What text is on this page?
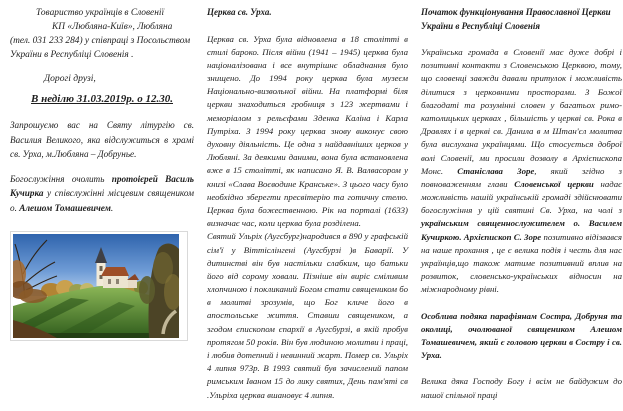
Товариство українців в Словенії

КП «Любляна-Київ», Любляна

(тел. 031 233 284) у співпраці з Посольством України в Республіці Словенія .

Дорогі друзі,

В неділю 31.03.2019р. о 12.30.

Запрошуємо вас на Святу літургію св. Василия Великого, яка відслужиться в храмі св. Урха, м.Любляна – Добрунье.

Богослужіння очолить протоієрей Василь Кучирка у співслужінні місцевим священиком о. Алешом Томашевичем.

Церква св. Урха.

Церква св. Урха була відновлена в 18 столітті в стилі бароко. Після війни (1941 – 1945) церква була націоналізована і все внутрішнє обладнання було знищено. До 1994 року церква була музеєм Національно-визвольної війни. На платформі біля церкви знаходиться гробниця з 123 жертвами і меморіалом з рельєфами Зденка Каліна і Карла Путріха. З 1994 року церква знову виконує свою духовну діяльність. Це одна з найдавніших церков у Любляні. За деякими даними, вона була встановлена вже в 15 столітті, як написано Я. В. Валвасором у книзі «Слава Воєводине Кранське». З цього часу було необхідно зберегти пресвітерію та готичну стелю. Церква була божественною. Рік на порталі (1633) визначає час, коли церква була розділена.

Святий Ульріх (Аугсбург)народився в 890 у графській сім'ї у Віттіслінгені (Аугсбурзі )в Баварії. У дитинстві він був настільки слабким, що батьки його від сорому ховали. Пізніше він виріс сміливим хлопчиною і покликаний Богом стати священиком бо в молитві зрозумів, що Бог кличе його в апостольське життя. Ставши священиком, а згодом єпископом єпархії в Аугсбурзі, в якій пробув протягом 50 років. Він був людиною молитви і праці, і любив дотепний і невинний жарт. Помер св. Ульріх 4 липня 973р. В 1993 святий був зачислений папом римським Іваном 15 до лику святих, День пам'яті св .Ульріха церква вшановує 4 липня.

Початок функціонування Православної Церкви України в Республіці Словенія

Українська громада в Словенії має дуже добрі і позитивні контакти з Словенською Церквою, тому, що словенці завжди давали притулок і можливість ділитися з церковними просторами. З Божої благодаті та розумінні словен у багатьох римо-католицьких церквах , більшість у церкві св. Рока в Дравлях і в церкві св. Данила в м Штан'єл молитва була вислухана українцями. Що стосується доброї волі Словенії, ми просили дозволу в Архієпископа Монс. Станіслава Зоре, який згідно з повноваженням глави Словенської церкви надає можливість нашій українській громаді здійснювати богослужіння у цій святині Св. Урха, на чолі з українським священнослужителем о. Василем Кучиркою. Архієпископ С. Зоре позитивно відізвався на наше прохання , це є велика подія і честь для нас українців,що також матиме позитивний вплив на розвиток, словенсько-українських відносин на міжнародному рівні.

Особлива подяка парафіянам Состра, Добруня та околиці, очолюваної священиком Алешом Томашевичем, який є головою церкви в Состру і св. Урха.

Велика дяка Господу Богу і всім не байдужим до нашої спільної праці
